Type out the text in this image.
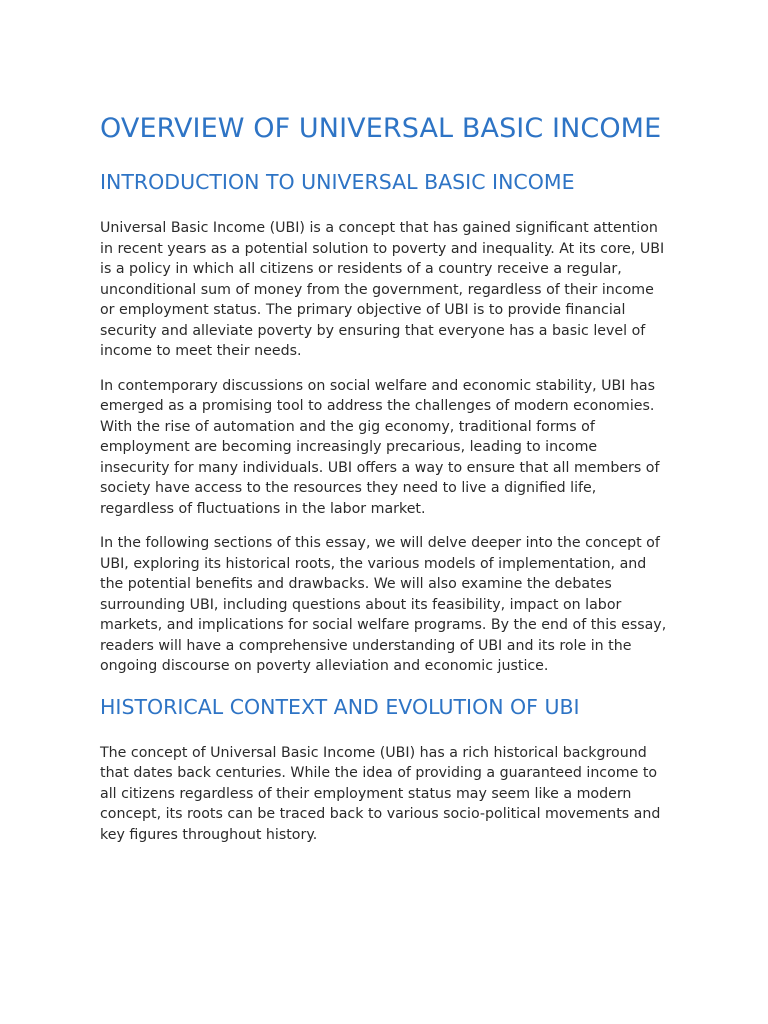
OVERVIEW OF UNIVERSAL BASIC INCOME
INTRODUCTION TO UNIVERSAL BASIC INCOME

Universal Basic Income (UBI) is a concept that has gained significant attention in recent years as a potential solution to poverty and inequality. At its core, UBI is a policy in which all citizens or residents of a country receive a regular, unconditional sum of money from the government, regardless of their income or employment status. The primary objective of UBI is to provide financial security and alleviate poverty by ensuring that everyone has a basic level of income to meet their needs.

In contemporary discussions on social welfare and economic stability, UBI has emerged as a promising tool to address the challenges of modern economies. With the rise of automation and the gig economy, traditional forms of employment are becoming increasingly precarious, leading to income insecurity for many individuals. UBI offers a way to ensure that all members of society have access to the resources they need to live a dignified life, regardless of fluctuations in the labor market.

In the following sections of this essay, we will delve deeper into the concept of UBI, exploring its historical roots, the various models of implementation, and the potential benefits and drawbacks. We will also examine the debates surrounding UBI, including questions about its feasibility, impact on labor markets, and implications for social welfare programs. By the end of this essay, readers will have a comprehensive understanding of UBI and its role in the ongoing discourse on poverty alleviation and economic justice.

HISTORICAL CONTEXT AND EVOLUTION OF UBI

The concept of Universal Basic Income (UBI) has a rich historical background that dates back centuries. While the idea of providing a guaranteed income to all citizens regardless of their employment status may seem like a modern concept, its roots can be traced back to various socio-political movements and key figures throughout history.
